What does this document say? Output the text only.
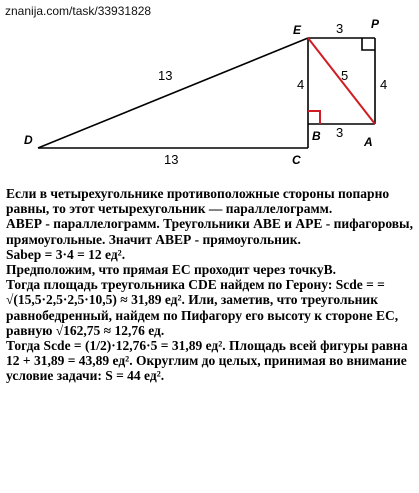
znanija.com/task/33931828
E	P
D	B	A
C
3
4
5
4
3
13
13

Если в четырехугольнике противоположные стороны попарно равны, то этот четырехугольник — параллелограмм.

АВЕР - параллелограмм. Треугольники АВЕ и АРЕ - пифагоровы, прямоугольные. Значит АВЕР - прямоугольник.

Sabep = 3·4 = 12 ед².

Предположим, что прямая ЕС проходит через точкуB.

Тогда площадь треугольника CDE найдем по Герону: Scde = = √(15,5·2,5·2,5·10,5) ≈ 31,89 ед². Или, заметив, что треугольник равнобедренный, найдем по Пифагору его высоту к стороне ЕС, равную √162,75 ≈ 12,76 ед.

Тогда Scde = (1/2)·12,76·5 = 31,89 ед². Площадь всей фигуры равна 12 + 31,89 = 43,89 ед². Округлим до целых, принимая во внимание условие задачи: S = 44 ед².
